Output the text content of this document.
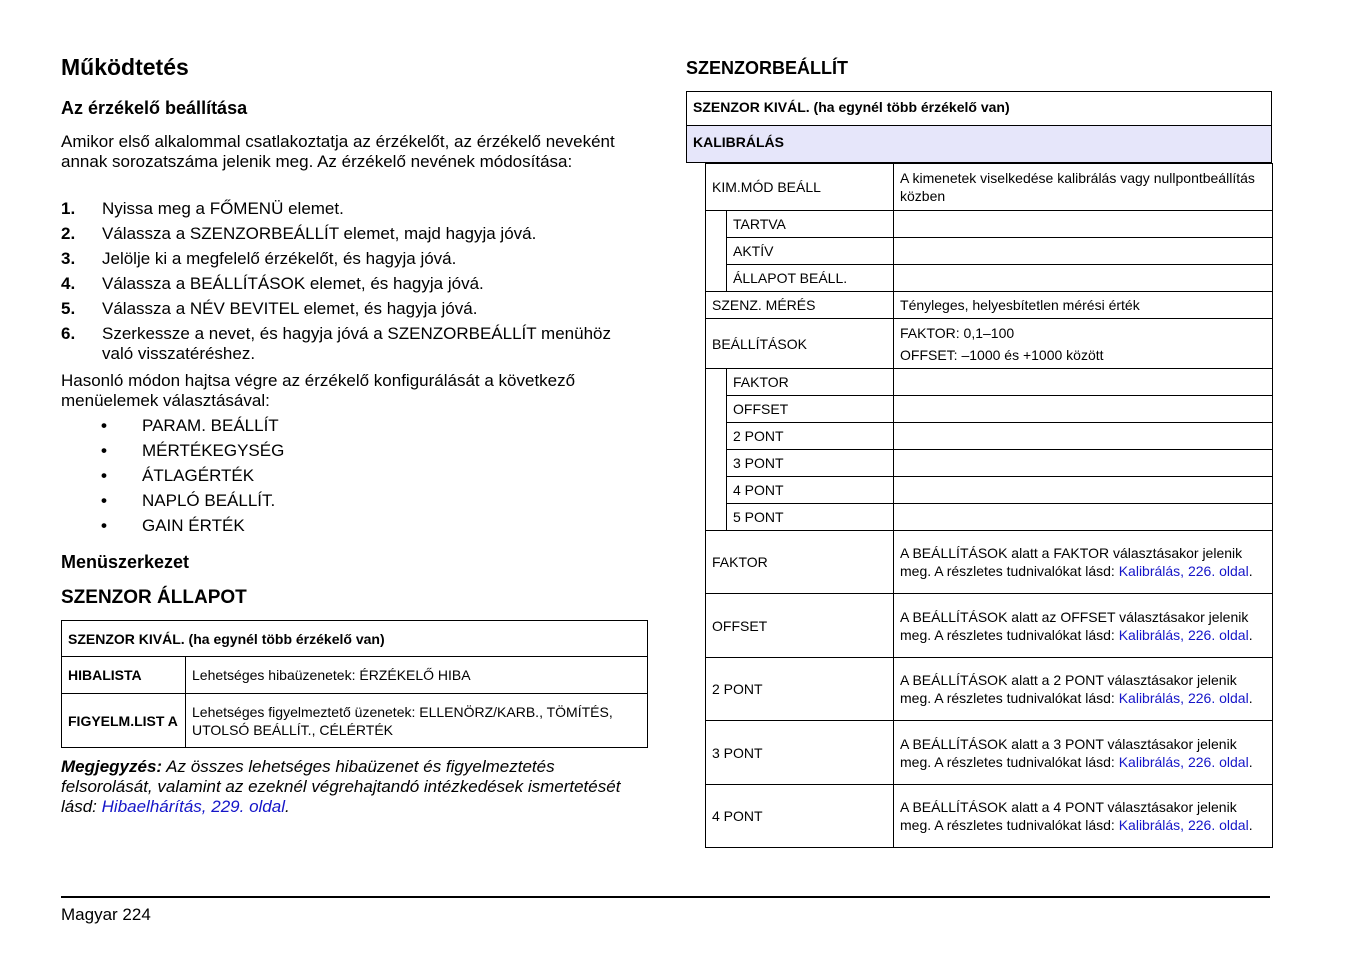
Működtetés
Az érzékelő beállítása
Amikor első alkalommal csatlakoztatja az érzékelőt, az érzékelő neveként annak sorozatszáma jelenik meg. Az érzékelő nevének módosítása:
1. Nyissa meg a FŐMENÜ elemet.
2. Válassza a SZENZORBEÁLLÍT elemet, majd hagyja jóvá.
3. Jelölje ki a megfelelő érzékelőt, és hagyja jóvá.
4. Válassza a BEÁLLÍTÁSOK elemet, és hagyja jóvá.
5. Válassza a NÉV BEVITEL elemet, és hagyja jóvá.
6. Szerkessze a nevet, és hagyja jóvá a SZENZORBEÁLLÍT menühöz való visszatéréshez.
Hasonló módon hajtsa végre az érzékelő konfigurálását a következő menüelemek választásával:
• PARAM. BEÁLLÍT
• MÉRTÉKEGYSÉG
• ÁTLAGÉRTÉK
• NAPLÓ BEÁLLÍT.
• GAIN ÉRTÉK
Menüszerkezet
SZENZOR ÁLLAPOT
SZENZOR KIVÁL. (ha egynél több érzékelő van)	
HIBALISTA	Lehetséges hibaüzenetek: ÉRZÉKELŐ HIBA
FIGYELM.LIST A	Lehetséges figyelmeztető üzenetek: ELLENÖRZ/KARB., TÖMÍTÉS, UTOLSÓ BEÁLLÍT., CÉLÉRTÉK
Megjegyzés: Az összes lehetséges hibaüzenet és figyelmeztetés felsorolását, valamint az ezeknél végrehajtandó intézkedések ismertetését lásd: Hibaelhárítás, 229. oldal.
SZENZORBEÁLLÍT
SZENZOR KIVÁL. (ha egynél több érzékelő van)
KALIBRÁLÁS
KIM.MÓD BEÁLL		A kimenetek viselkedése kalibrálás vagy nullpontbeállítás közben
	TARTVA	
	AKTÍV	
	ÁLLAPOT BEÁLL.	
SZENZ. MÉRÉS		Tényleges, helyesbítetlen mérési érték
BEÁLLÍTÁSOK		FAKTOR: 0,1–100
OFFSET: –1000 és +1000 között

	FAKTOR	
	OFFSET	
	2 PONT	
	3 PONT	
	4 PONT	
	5 PONT	
FAKTOR		A BEÁLLÍTÁSOK alatt a FAKTOR választásakor jelenik meg. A részletes tudnivalókat lásd: Kalibrálás, 226. oldal.
OFFSET		A BEÁLLÍTÁSOK alatt az OFFSET választásakor jelenik meg. A részletes tudnivalókat lásd: Kalibrálás, 226. oldal.
2 PONT		A BEÁLLÍTÁSOK alatt a 2 PONT választásakor jelenik meg. A részletes tudnivalókat lásd: Kalibrálás, 226. oldal.
3 PONT		A BEÁLLÍTÁSOK alatt a 3 PONT választásakor jelenik meg. A részletes tudnivalókat lásd: Kalibrálás, 226. oldal.
4 PONT		A BEÁLLÍTÁSOK alatt a 4 PONT választásakor jelenik meg. A részletes tudnivalókat lásd: Kalibrálás, 226. oldal.
Magyar 224
